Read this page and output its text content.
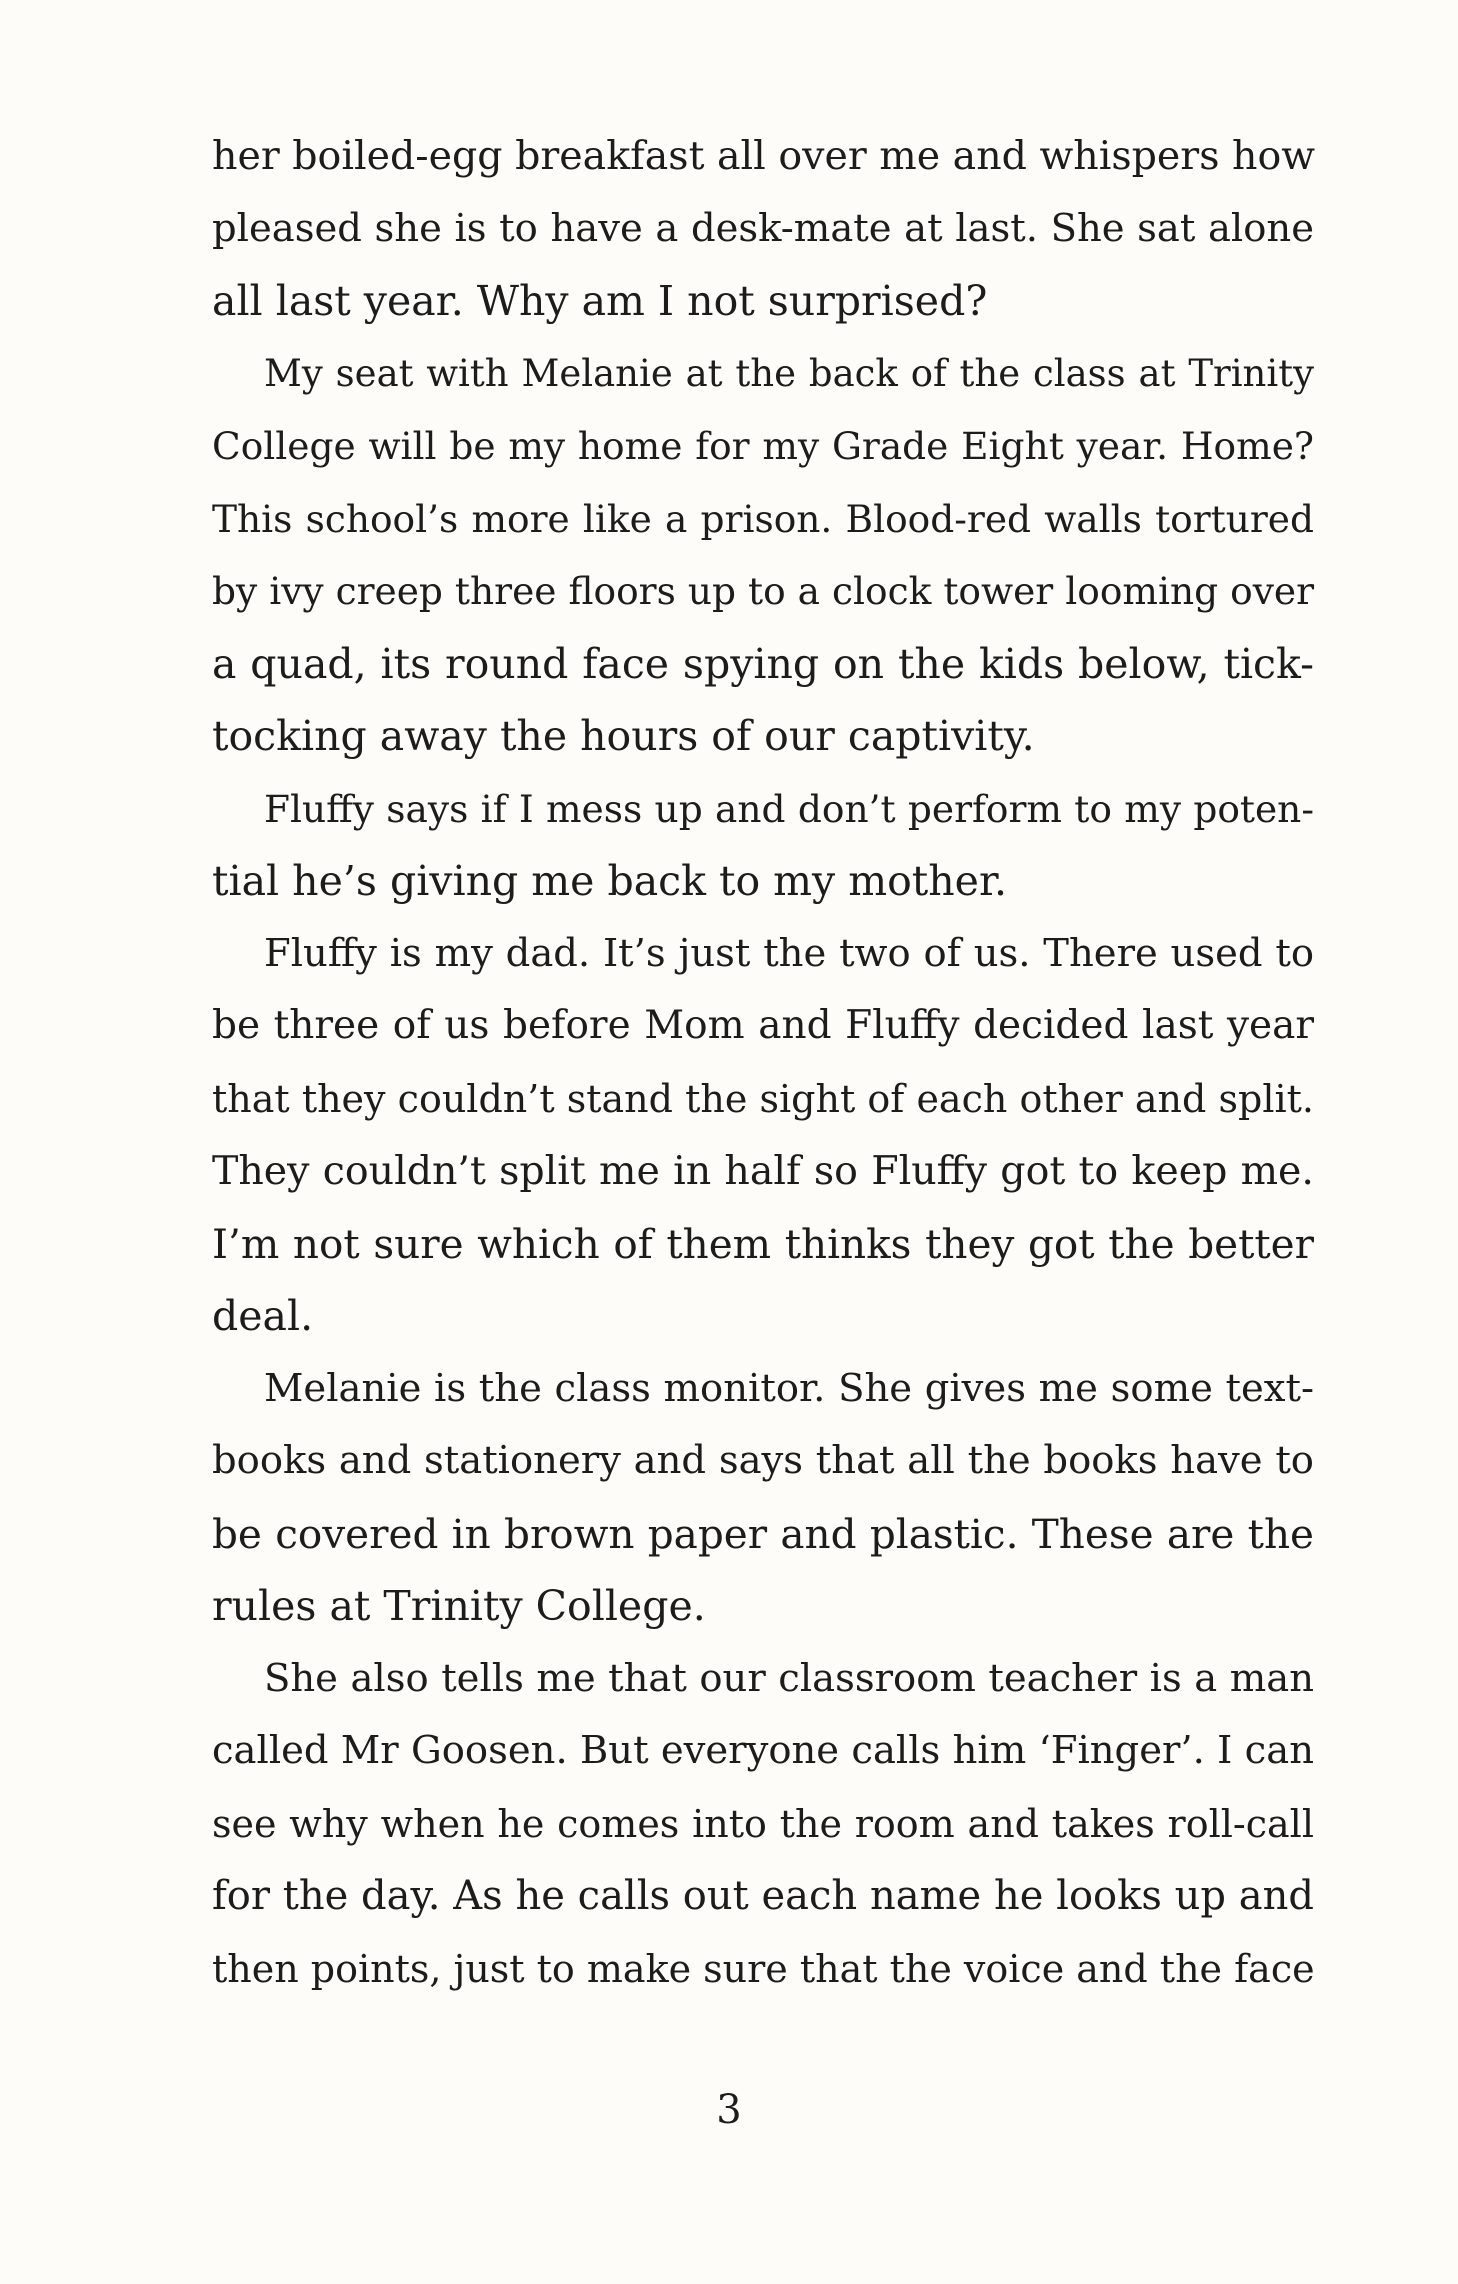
her boiled-egg breakfast all over me and whispers how
pleased she is to have a desk-mate at last. She sat alone
all last year. Why am I not surprised?
My seat with Melanie at the back of the class at Trinity
College will be my home for my Grade Eight year. Home?
This school’s more like a prison. Blood-red walls tortured
by ivy creep three floors up to a clock tower looming over
a quad, its round face spying on the kids below, tick-
tocking away the hours of our captivity.
Fluffy says if I mess up and don’t perform to my poten-
tial he’s giving me back to my mother.
Fluffy is my dad. It’s just the two of us. There used to
be three of us before Mom and Fluffy decided last year
that they couldn’t stand the sight of each other and split.
They couldn’t split me in half so Fluffy got to keep me.
I’m not sure which of them thinks they got the better
deal.
Melanie is the class monitor. She gives me some text-
books and stationery and says that all the books have to
be covered in brown paper and plastic. These are the
rules at Trinity College.
She also tells me that our classroom teacher is a man
called Mr Goosen. But everyone calls him ‘Finger’. I can
see why when he comes into the room and takes roll-call
for the day. As he calls out each name he looks up and
then points, just to make sure that the voice and the face
3
